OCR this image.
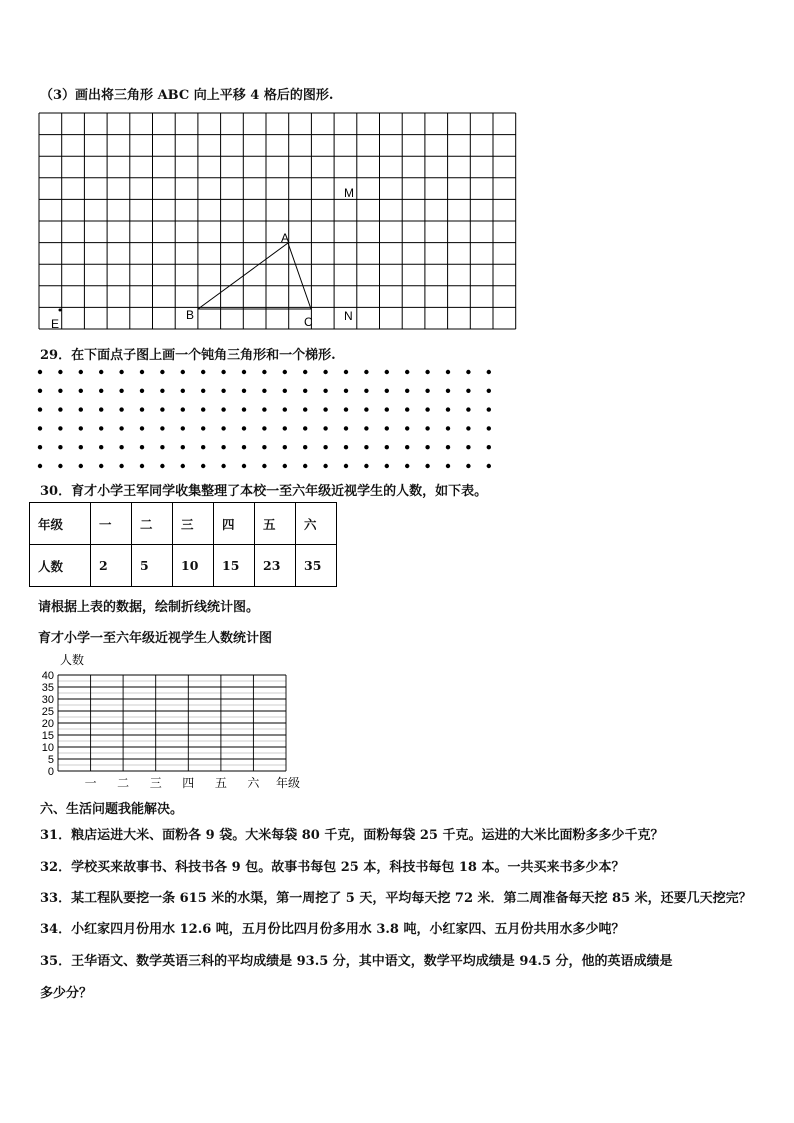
（3）画出将三角形 ABC 向上平移 4 格后的图形.
M
A
B	C	N
E
29．在下面点子图上画一个钝角三角形和一个梯形.
30．育才小学王军同学收集整理了本校一至六年级近视学生的人数，如下表。
年级	一	二	三	四	五	六
人数	2	5	10	15	23	35
请根据上表的数据，绘制折线统计图。
育才小学一至六年级近视学生人数统计图
0
5
10
15
20
25
30
35
40
一 二 三 四 五 六
人数
年级
六、生活问题我能解决。
31．粮店运进大米、面粉各 9 袋。大米每袋 80 千克，面粉每袋 25 千克。运进的大米比面粉多多少千克？
32．学校买来故事书、科技书各 9 包。故事书每包 25 本，科技书每包 18 本。一共买来书多少本？
33．某工程队要挖一条 615 米的水渠，第一周挖了 5 天，平均每天挖 72 米．第二周准备每天挖 85 米，还要几天挖完？
34．小红家四月份用水 12.6 吨，五月份比四月份多用水 3.8 吨，小红家四、五月份共用水多少吨？
35．王华语文、数学英语三科的平均成绩是 93.5 分，其中语文，数学平均成绩是 94.5 分，他的英语成绩是
多少分？
